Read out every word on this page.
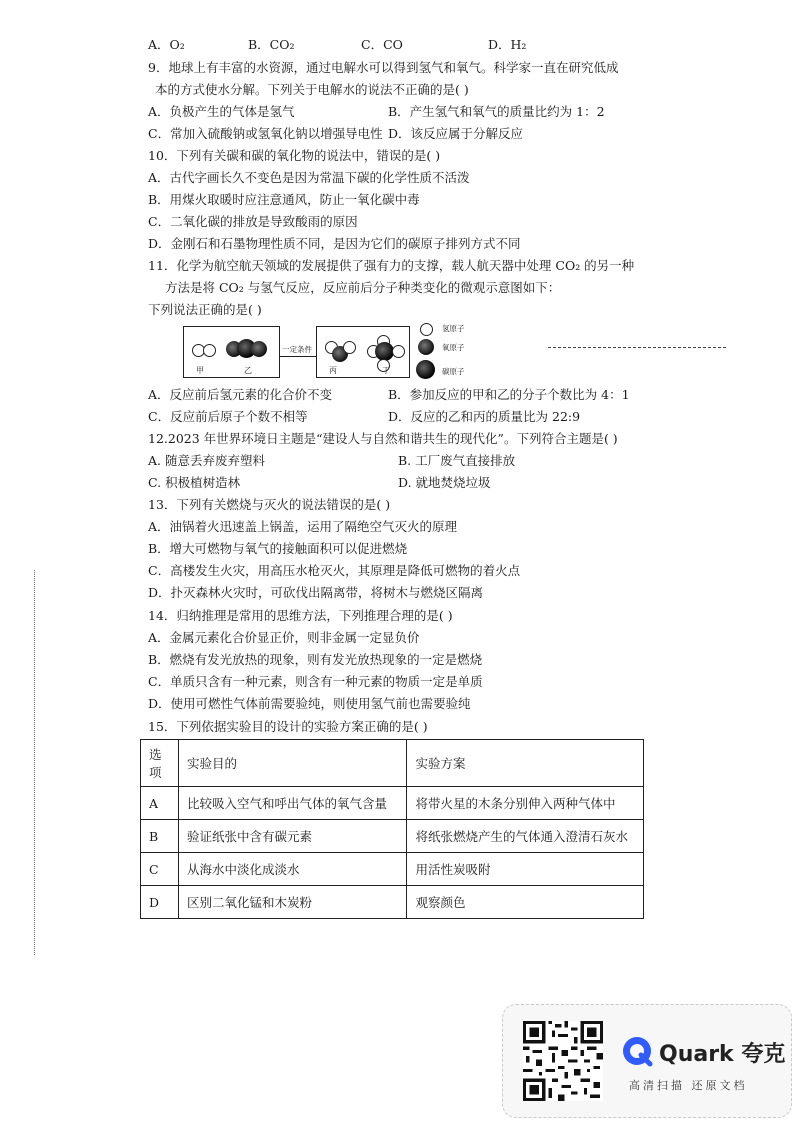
A．O₂	B．CO₂	C．CO	D．H₂
9．地球上有丰富的水资源，通过电解水可以得到氢气和氧气。科学家一直在研究低成
本的方式使水分解。下列关于电解水的说法不正确的是( )
A．负极产生的气体是氢气	B．产生氢气和氧气的质量比约为 1：2
C．常加入硫酸钠或氢氧化钠以增强导电性 D．该反应属于分解反应
10．下列有关碳和碳的氧化物的说法中，错误的是( )
A．古代字画长久不变色是因为常温下碳的化学性质不活泼
B．用煤火取暖时应注意通风，防止一氧化碳中毒
C．二氧化碳的排放是导致酸雨的原因
D．金刚石和石墨物理性质不同，是因为它们的碳原子排列方式不同
11．化学为航空航天领域的发展提供了强有力的支撑，载人航天器中处理 CO₂ 的另一种
方法是将 CO₂ 与氢气反应，反应前后分子种类变化的微观示意图如下：
下列说法正确的是( )
甲	乙
一定条件
丙	丁
氢原子
氧原子
碳原子
A．反应前后氢元素的化合价不变	B．参加反应的甲和乙的分子个数比为 4：1
C．反应前后原子个数不相等	D．反应的乙和丙的质量比为 22:9
12.2023 年世界环境日主题是“建设人与自然和谐共生的现代化”。下列符合主题是( )
A. 随意丢弃废弃塑料	B. 工厂废气直接排放
C. 积极植树造林	D. 就地焚烧垃圾
13．下列有关燃烧与灭火的说法错误的是( )
A．油锅着火迅速盖上锅盖，运用了隔绝空气灭火的原理
B．增大可燃物与氧气的接触面积可以促进燃烧
C．高楼发生火灾，用高压水枪灭火，其原理是降低可燃物的着火点
D．扑灭森林火灾时，可砍伐出隔离带，将树木与燃烧区隔离
14．归纳推理是常用的思维方法，下列推理合理的是( )
A．金属元素化合价显正价，则非金属一定显负价
B．燃烧有发光放热的现象，则有发光放热现象的一定是燃烧
C．单质只含有一种元素，则含有一种元素的物质一定是单质
D．使用可燃性气体前需要验纯，则使用氢气前也需要验纯
15．下列依据实验目的设计的实验方案正确的是( )
选项	实验目的	实验方案
A	比较吸入空气和呼出气体的氧气含量	将带火星的木条分别伸入两种气体中
B	验证纸张中含有碳元素	将纸张燃烧产生的气体通入澄清石灰水
C	从海水中淡化成淡水	用活性炭吸附
D	区别二氧化锰和木炭粉	观察颜色
Quark 夸克
高清扫描 还原文档
